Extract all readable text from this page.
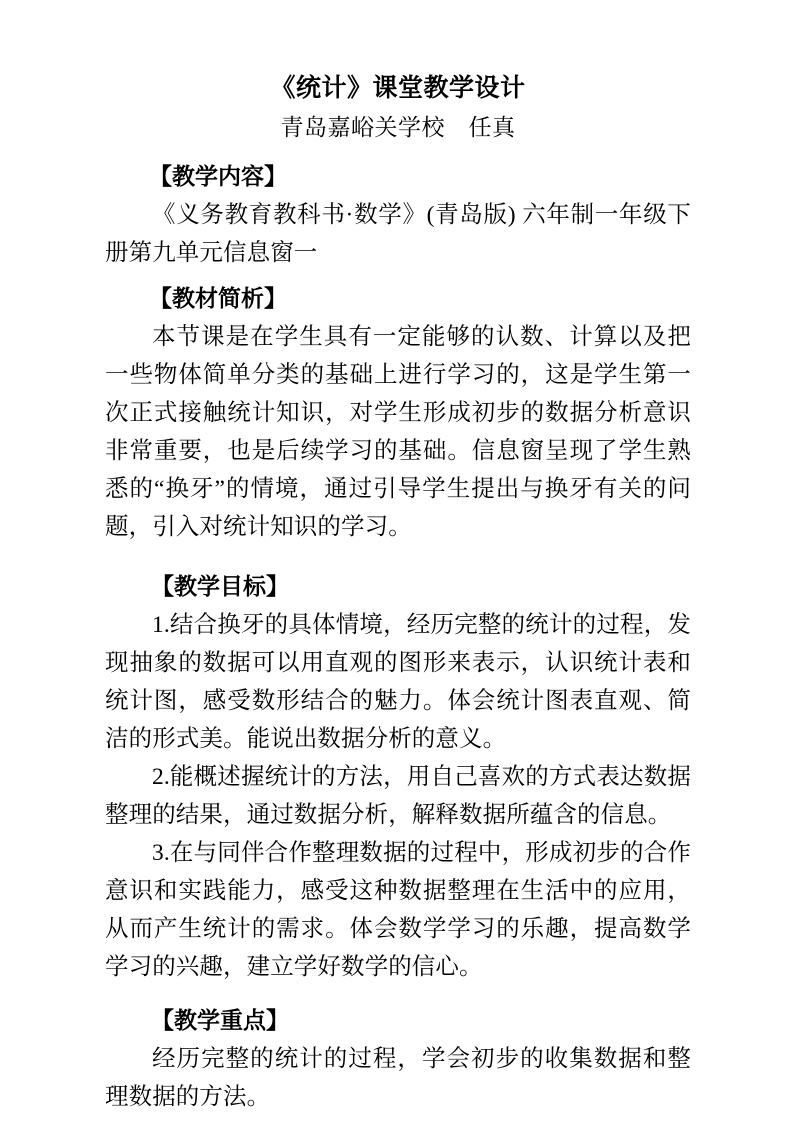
《统计》课堂教学设计
青岛嘉峪关学校　任真
【教学内容】

《义务教育教科书·数学》(青岛版) 六年制一年级下册第九单元信息窗一

【教材简析】

本节课是在学生具有一定能够的认数、计算以及把一些物体简单分类的基础上进行学习的，这是学生第一次正式接触统计知识，对学生形成初步的数据分析意识非常重要，也是后续学习的基础。信息窗呈现了学生熟悉的“换牙”的情境，通过引导学生提出与换牙有关的问题，引入对统计知识的学习。

【教学目标】

1.结合换牙的具体情境，经历完整的统计的过程，发现抽象的数据可以用直观的图形来表示，认识统计表和统计图，感受数形结合的魅力。体会统计图表直观、简洁的形式美。能说出数据分析的意义。

2.能概述握统计的方法，用自己喜欢的方式表达数据整理的结果，通过数据分析，解释数据所蕴含的信息。

3.在与同伴合作整理数据的过程中，形成初步的合作意识和实践能力，感受这种数据整理在生活中的应用，从而产生统计的需求。体会数学学习的乐趣，提高数学学习的兴趣，建立学好数学的信心。

【教学重点】

经历完整的统计的过程，学会初步的收集数据和整理数据的方法。
